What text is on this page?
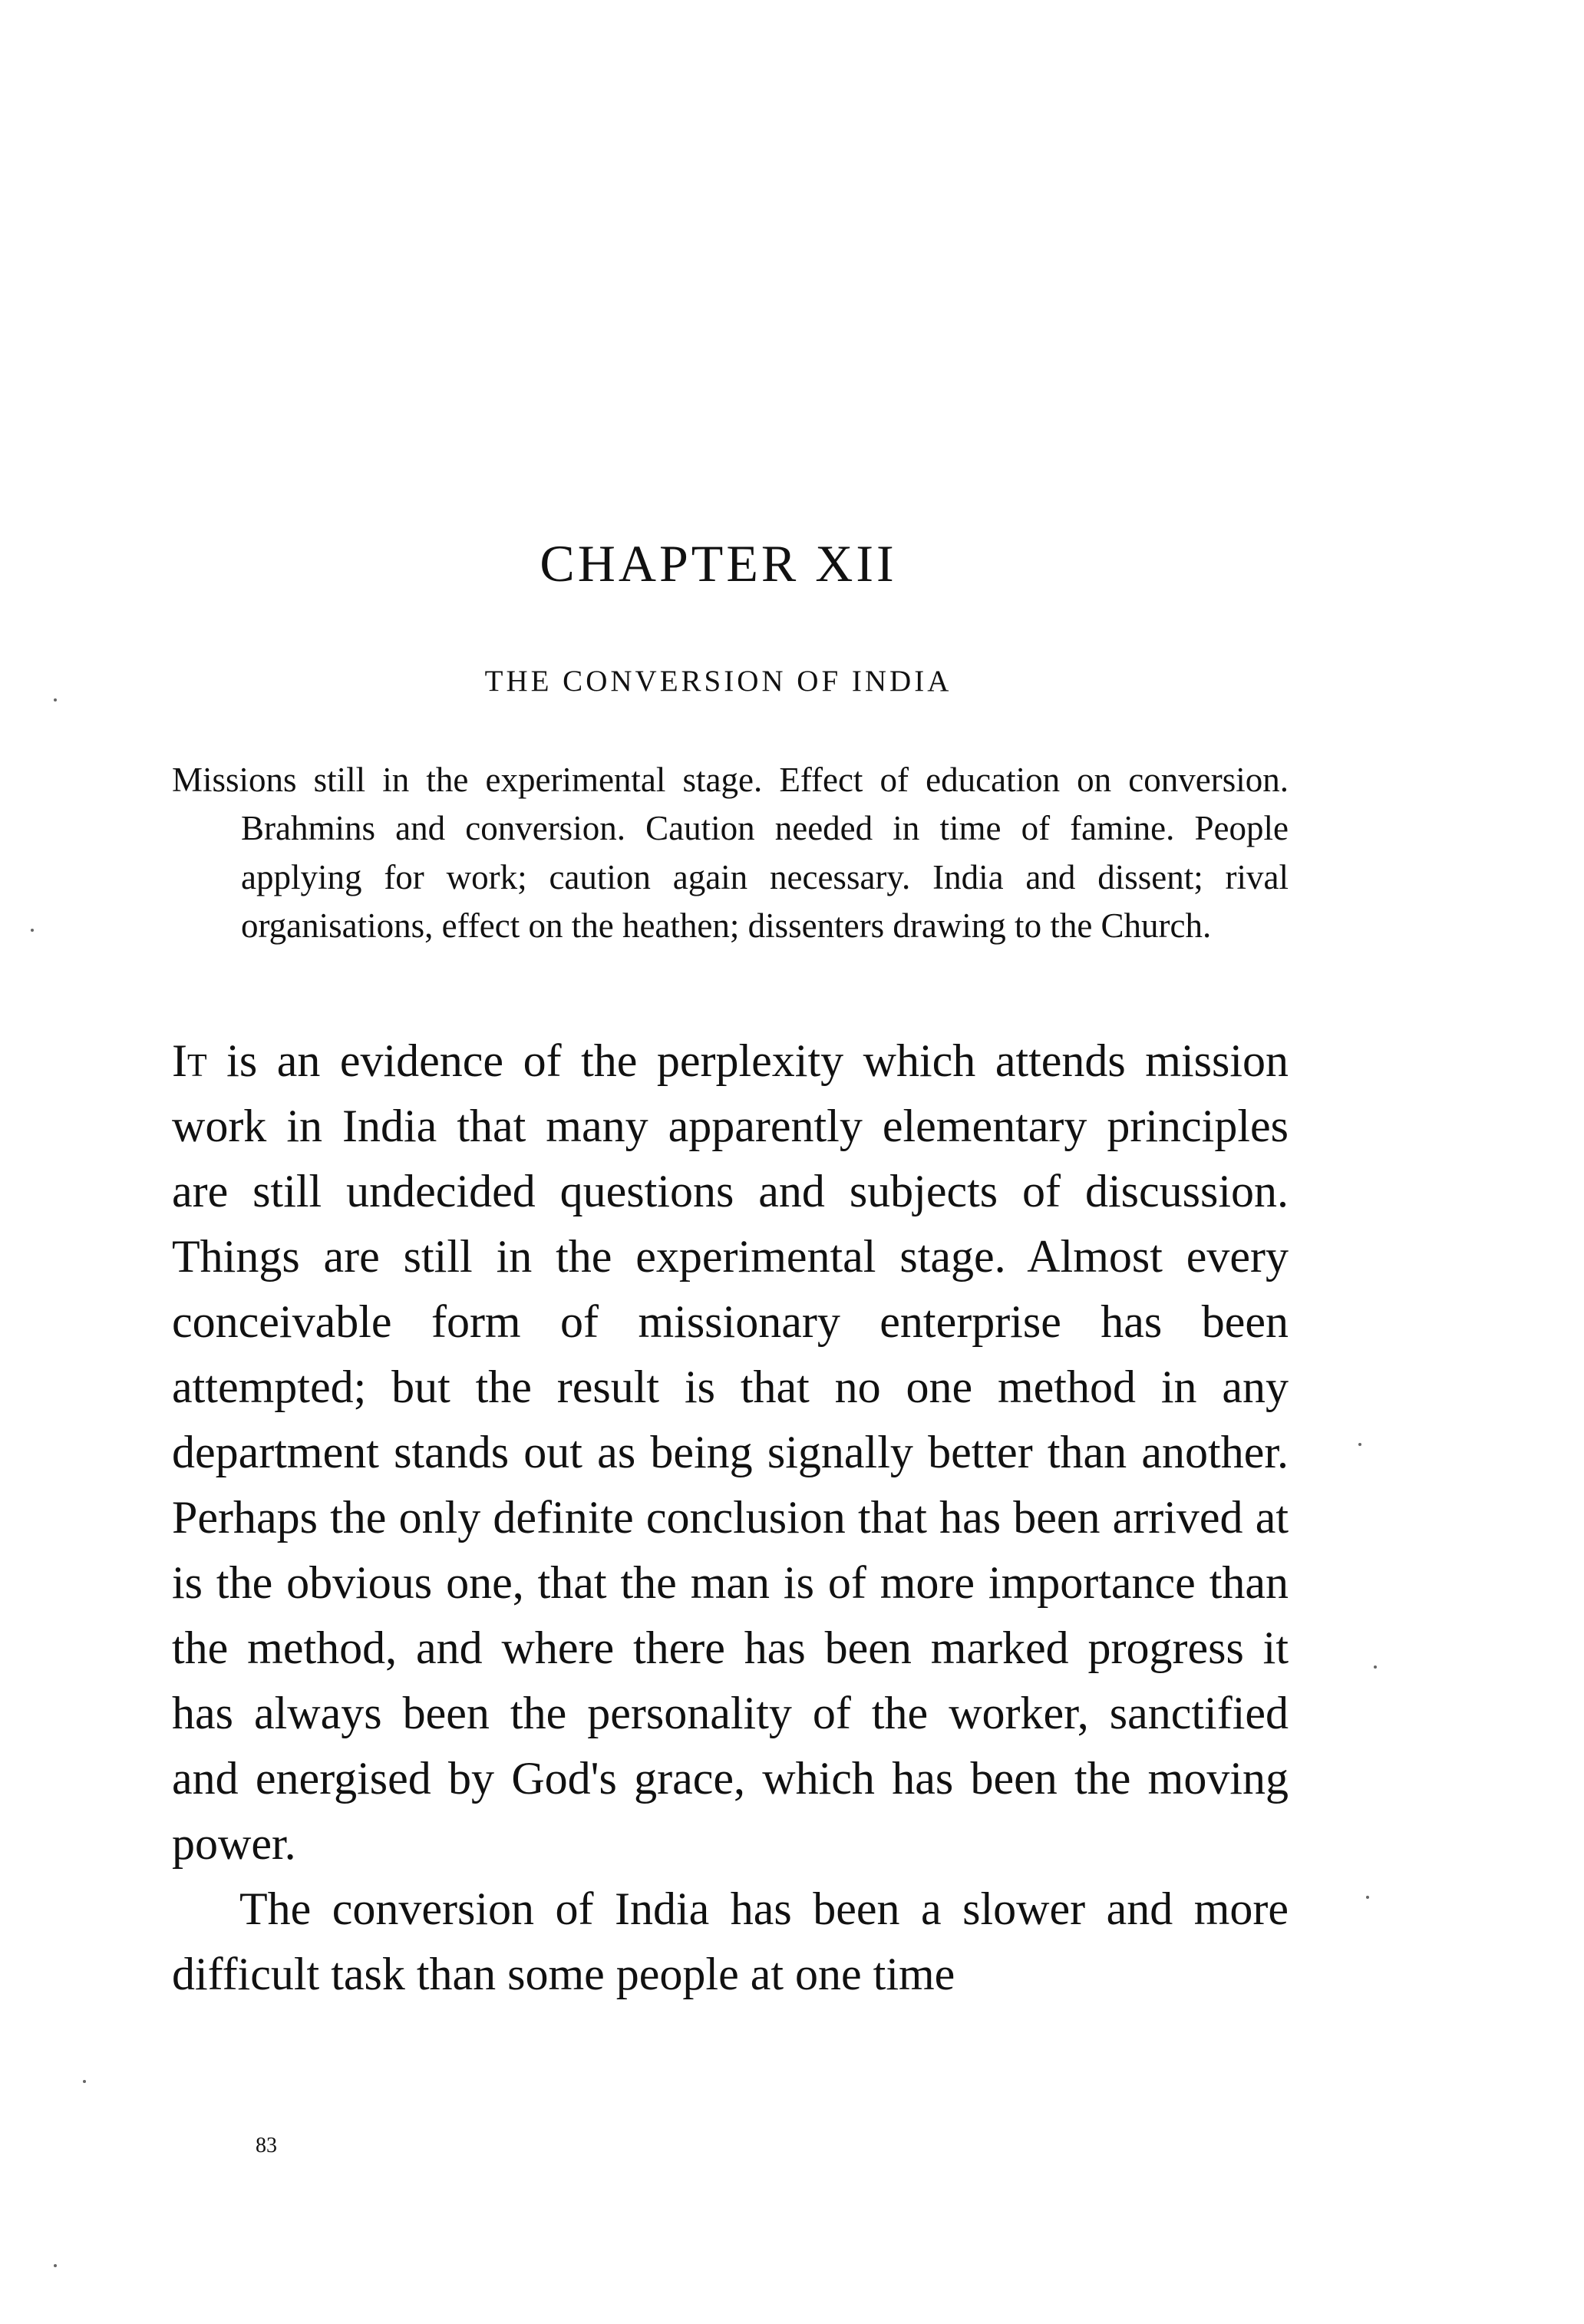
CHAPTER XII
THE CONVERSION OF INDIA

Missions still in the experimental stage. Effect of education on conversion. Brahmins and conversion. Caution needed in time of famine. People applying for work; caution again necessary. India and dissent; rival organisations, effect on the heathen; dissenters drawing to the Church.

It is an evidence of the perplexity which attends mission work in India that many apparently elementary principles are still undecided questions and subjects of discussion. Things are still in the experimental stage. Almost every conceivable form of missionary enterprise has been attempted; but the result is that no one method in any department stands out as being signally better than another. Perhaps the only definite conclusion that has been arrived at is the obvious one, that the man is of more importance than the method, and where there has been marked progress it has always been the personality of the worker, sanctified and energised by God's grace, which has been the moving power.

The conversion of India has been a slower and more difficult task than some people at one time

83
